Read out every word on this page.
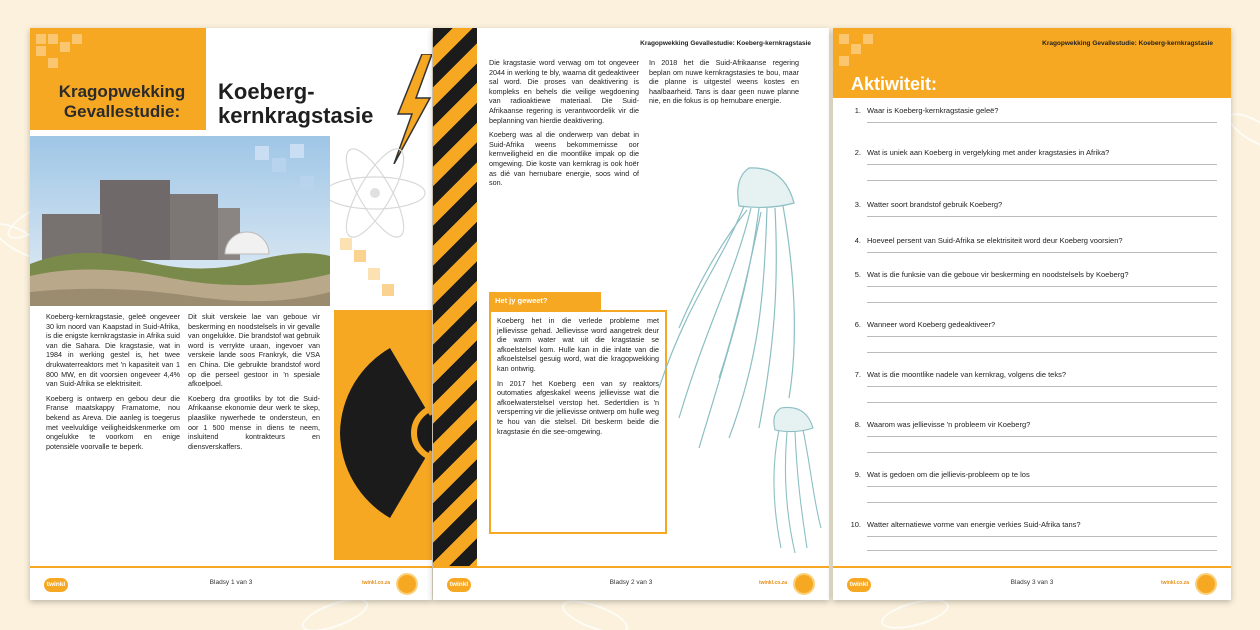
Kragopwekking Gevallestudie:
Koeberg-kernkragstasie

Koeberg-kernkragstasie, geleë ongeveer 30 km noord van Kaapstad in Suid-Afrika, is die enigste kernkragstasie in Afrika suid van die Sahara. Die kragstasie, wat in 1984 in werking gestel is, het twee drukwaterreaktors met 'n kapasiteit van 1 800 MW, en dit voorsien ongeveer 4,4% van Suid-Afrika se elektrisiteit.

Koeberg is ontwerp en gebou deur die Franse maatskappy Framatome, nou bekend as Areva. Die aanleg is toegerus met veelvuldige veiligheidskenmerke om ongelukke te voorkom en enige potensiële voorvalle te beperk.

Dit sluit verskeie lae van geboue vir beskerming en noodstelsels in vir gevalle van ongelukke. Die brandstof wat gebruik word is verrykte uraan, ingevoer van verskeie lande soos Frankryk, die VSA en China. Die gebruikte brandstof word op die perseel gestoor in 'n spesiale afkoelpoel.

Koeberg dra grootliks by tot die Suid-Afrikaanse ekonomie deur werk te skep, plaaslike nywerhede te ondersteun, en oor 1 500 mense in diens te neem, insluitend kontrakteurs en diensverskaffers.

twinkl	Bladsy 1 van 3	twinkl.co.za
Kragopwekking Gevallestudie: Koeberg-kernkragstasie

Die kragstasie word verwag om tot ongeveer 2044 in werking te bly, waarna dit gedeaktiveer sal word. Die proses van deaktivering is kompleks en behels die veilige wegdoening van radioaktiewe materiaal. Die Suid-Afrikaanse regering is verantwoordelik vir die beplanning van hierdie deaktivering.

Koeberg was al die onderwerp van debat in Suid-Afrika weens bekommernisse oor kernveiligheid en die moontlike impak op die omgewing. Die koste van kernkrag is ook hoër as dié van hernubare energie, soos wind of son.

In 2018 het die Suid-Afrikaanse regering beplan om nuwe kernkragstasies te bou, maar die planne is uitgestel weens kostes en haalbaarheid. Tans is daar geen nuwe planne nie, en die fokus is op hernubare energie.

Het jy geweet?

Koeberg het in die verlede probleme met jellievisse gehad. Jellievisse word aangetrek deur die warm water wat uit die kragstasie se afkoelstelsel kom. Hulle kan in die inlate van die afkoelstelsel gesuig word, wat die kragopwekking kan ontwrig.

In 2017 het Koeberg een van sy reaktors outomaties afgeskakel weens jellievisse wat die afkoelwaterstelsel verstop het. Sedertdien is 'n versperring vir die jellievisse ontwerp om hulle weg te hou van die stelsel. Dit beskerm beide die kragstasie én die see-omgewing.

twinkl	Bladsy 2 van 3	twinkl.co.za
Kragopwekking Gevallestudie: Koeberg-kernkragstasie
Aktiwiteit:
1. Waar is Koeberg-kernkragstasie geleë?
2. Wat is uniek aan Koeberg in vergelyking met ander kragstasies in Afrika?
3. Watter soort brandstof gebruik Koeberg?
4. Hoeveel persent van Suid-Afrika se elektrisiteit word deur Koeberg voorsien?
5. Wat is die funksie van die geboue vir beskerming en noodstelsels by Koeberg?
6. Wanneer word Koeberg gedeaktiveer?
7. Wat is die moontlike nadele van kernkrag, volgens die teks?
8. Waarom was jellievisse 'n probleem vir Koeberg?
9. Wat is gedoen om die jellievis-probleem op te los
10. Watter alternatiewe vorme van energie verkies Suid-Afrika tans?
twinkl	Bladsy 3 van 3	twinkl.co.za
